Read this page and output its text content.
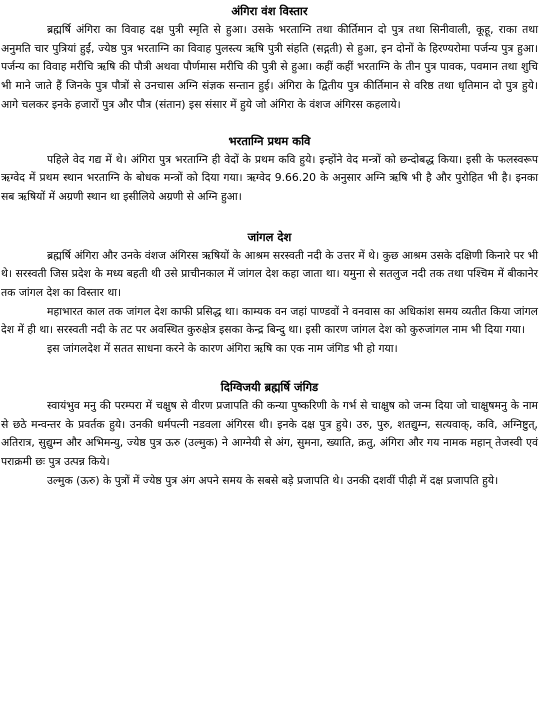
अंगिरा वंश विस्तार

ब्रह्मर्षि अंगिरा का विवाह दक्ष पुत्री स्मृति से हुआ। उसके भरताग्नि तथा कीर्तिमान दो पुत्र तथा सिनीवाली, कूहू, राका तथा अनुमति चार पुत्रियां हुईं, ज्येष्ठ पुत्र भरताग्नि का विवाह पुलस्त्य ऋषि पुत्री संहति (सद्गती) से हुआ, इन दोनों के हिरण्यरोमा पर्जन्य पुत्र हुआ। पर्जन्य का विवाह मरीचि ऋषि की पौत्री अथवा पौर्णमास मरीचि की पुत्री से हुआ। कहीं कहीं भरताग्नि के तीन पुत्र पावक, पवमान तथा शुचि भी माने जाते हैं जिनके पुत्र पौत्रों से उनचास अग्नि संज्ञक सन्तान हुई। अंगिरा के द्वितीय पुत्र कीर्तिमान से वरिष्ठ तथा धृतिमान दो पुत्र हुये। आगे चलकर इनके हजारों पुत्र और पौत्र (संतान) इस संसार में हुये जो अंगिरा के वंशज अंगिरस कहलाये।

भरताग्नि प्रथम कवि

पहिले वेद गद्य में थे। अंगिरा पुत्र भरताग्नि ही वेदों के प्रथम कवि हुये। इन्होंने वेद मन्त्रों को छन्दोबद्ध किया। इसी के फलस्वरूप ऋग्वेद में प्रथम स्थान भरताग्नि के बोधक मन्त्रों को दिया गया। ऋग्वेद 9.66.20 के अनुसार अग्नि ऋषि भी है और पुरोहित भी है। इनका सब ऋषियों में अग्रणी स्थान था इसीलिये अग्रणी से अग्नि हुआ।

जांगल देश

ब्रह्मर्षि अंगिरा और उनके वंशज अंगिरस ऋषियों के आश्रम सरस्वती नदी के उत्तर में थे। कुछ आश्रम उसके दक्षिणी किनारे पर भी थे। सरस्वती जिस प्रदेश के मध्य बहती थी उसे प्राचीनकाल में जांगल देश कहा जाता था। यमुना से सतलुज नदी तक तथा पश्चिम में बीकानेर तक जांगल देश का विस्तार था।

महाभारत काल तक जांगल देश काफी प्रसिद्ध था। काम्यक वन जहां पाण्डवों ने वनवास का अधिकांश समय व्यतीत किया जांगल देश में ही था। सरस्वती नदी के तट पर अवस्थित कुरुक्षेत्र इसका केन्द्र बिन्दु था। इसी कारण जांगल देश को कुरुजांगल नाम भी दिया गया।

इस जांगलदेश में सतत साधना करने के कारण अंगिरा ऋषि का एक नाम जंगिड भी हो गया।

दिग्विजयी ब्रह्मर्षि जंगिड

स्वायंभुव मनु की परम्परा में चक्षुष से वीरण प्रजापति की कन्या पुष्करिणी के गर्भ से चाक्षुष को जन्म दिया जो चाक्षुषमनु के नाम से छठे मन्वन्तर के प्रवर्तक हुये। उनकी धर्मपत्नी नडवला अंगिरस थी। इनके दक्ष पुत्र हुये। उरु, पुरु, शतद्युम्न, सत्यवाक्, कवि, अग्निष्टुत्, अतिरात्र, सुद्युम्न और अभिमन्यु, ज्येष्ठ पुत्र ऊरु (उल्मुक) ने आग्नेयी से अंग, सुमना, ख्याति, क्रतु, अंगिरा और गय नामक महान् तेजस्वी एवं पराक्रमी छः पुत्र उत्पन्न किये।

उल्मुक (ऊरु) के पुत्रों में ज्येष्ठ पुत्र अंग अपने समय के सबसे बड़े प्रजापति थे। उनकी दशवीं पीढ़ी में दक्ष प्रजापति हुये।
